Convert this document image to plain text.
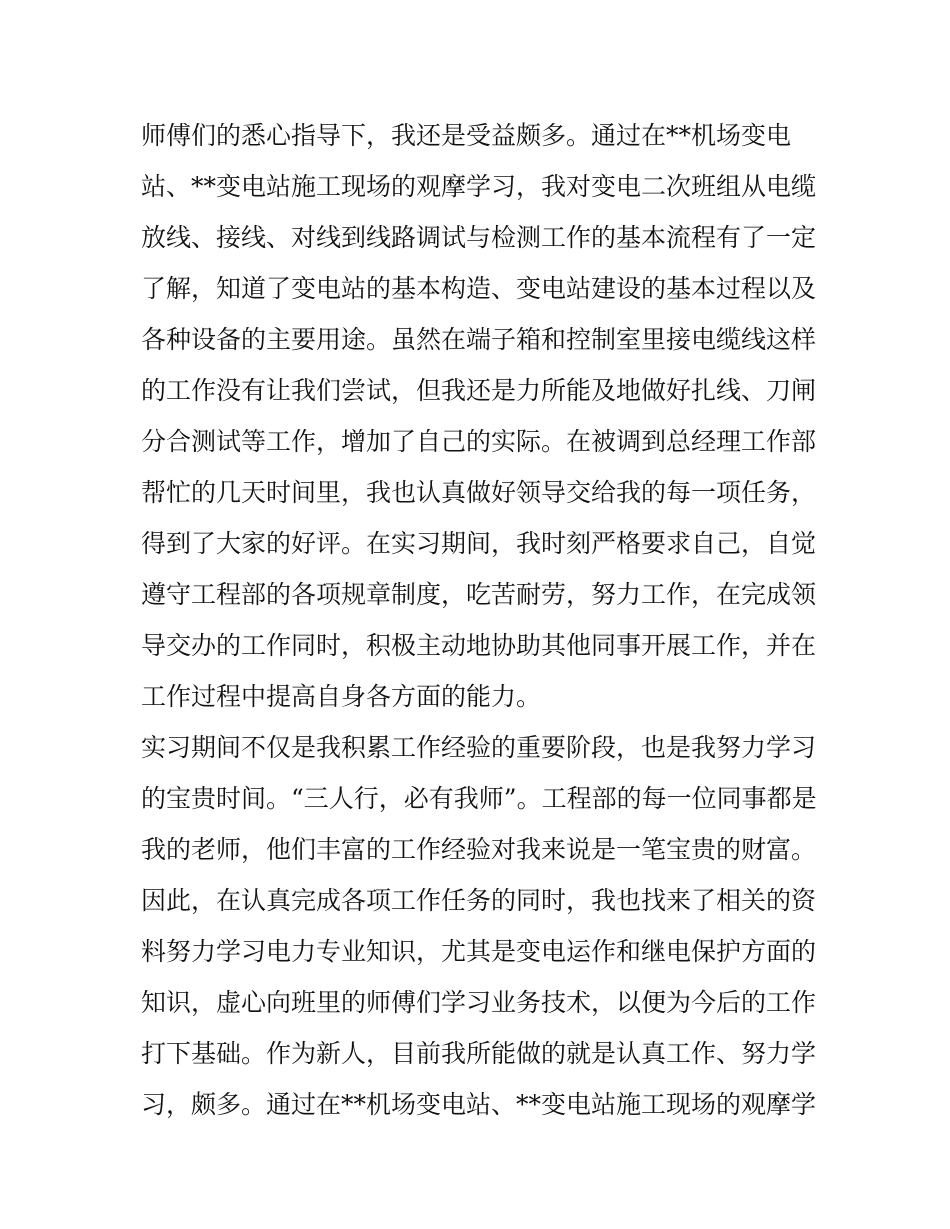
师傅们的悉心指导下，我还是受益颇多。通过在**机场变电
站、**变电站施工现场的观摩学习，我对变电二次班组从电缆
放线、接线、对线到线路调试与检测工作的基本流程有了一定
了解，知道了变电站的基本构造、变电站建设的基本过程以及
各种设备的主要用途。虽然在端子箱和控制室里接电缆线这样
的工作没有让我们尝试，但我还是力所能及地做好扎线、刀闸
分合测试等工作，增加了自己的实际。在被调到总经理工作部
帮忙的几天时间里，我也认真做好领导交给我的每一项任务，
得到了大家的好评。在实习期间，我时刻严格要求自己，自觉
遵守工程部的各项规章制度，吃苦耐劳，努力工作，在完成领
导交办的工作同时，积极主动地协助其他同事开展工作，并在
工作过程中提高自身各方面的能力。
实习期间不仅是我积累工作经验的重要阶段，也是我努力学习
的宝贵时间。“三人行，必有我师”。工程部的每一位同事都是
我的老师，他们丰富的工作经验对我来说是一笔宝贵的财富。
因此，在认真完成各项工作任务的同时，我也找来了相关的资
料努力学习电力专业知识，尤其是变电运作和继电保护方面的
知识，虚心向班里的师傅们学习业务技术，以便为今后的工作
打下基础。作为新人，目前我所能做的就是认真工作、努力学
习，颇多。通过在**机场变电站、**变电站施工现场的观摩学
